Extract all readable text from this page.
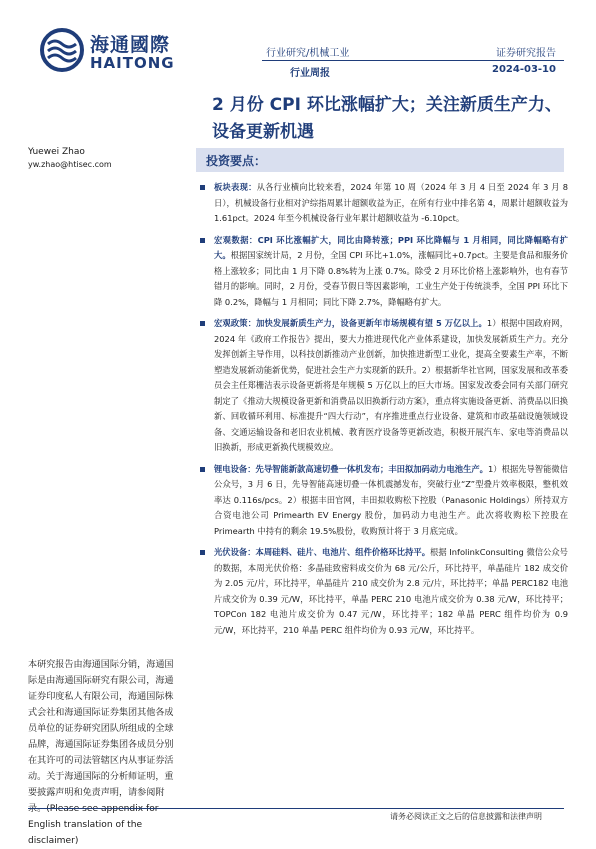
海通國際
HAITONG
行业研究/机械工业	证券研究报告
行业周报	2024-03-10
2 月份 CPI 环比涨幅扩大；关注新质生产力、设备更新机遇
Yuewei Zhao
yw.zhao@htisec.com	投资要点：
板块表现：从各行业横向比较来看，2024 年第 10 周（2024 年 3 月 4 日至 2024 年 3 月 8 日），机械设备行业相对沪综指周累计超额收益为正，在所有行业中排名第 4，周累计超额收益为 1.61pct。2024 年至今机械设备行业年累计超额收益为 -6.10pct。
宏观数据：CPI 环比涨幅扩大，同比由降转涨；PPI 环比降幅与 1 月相同，同比降幅略有扩大。根据国家统计局，2 月份，全国 CPI 环比+1.0%，涨幅同比+0.7pct。主要是食品和服务价格上涨较多；同比由 1 月下降 0.8%转为上涨 0.7%。除受 2 月环比价格上涨影响外，也有春节错月的影响。同时，2 月份，受春节假日等因素影响，工业生产处于传统淡季，全国 PPI 环比下降 0.2%，降幅与 1 月相同；同比下降 2.7%，降幅略有扩大。
宏观政策：加快发展新质生产力，设备更新年市场规模有望 5 万亿以上。1）根据中国政府网，2024 年《政府工作报告》提出，要大力推进现代化产业体系建设，加快发展新质生产力。充分发挥创新主导作用，以科技创新推动产业创新，加快推进新型工业化，提高全要素生产率，不断塑造发展新动能新优势，促进社会生产力实现新的跃升。2）根据新华社官网，国家发展和改革委员会主任郑栅洁表示设备更新将是年规模 5 万亿以上的巨大市场。国家发改委会同有关部门研究制定了《推动大规模设备更新和消费品以旧换新行动方案》，重点将实施设备更新、消费品以旧换新、回收循环利用、标准提升“四大行动”，有序推进重点行业设备、建筑和市政基础设施领域设备、交通运输设备和老旧农业机械、教育医疗设备等更新改造，积极开展汽车、家电等消费品以旧换新，形成更新换代规模效应。
锂电设备：先导智能新款高速切叠一体机发布；丰田拟加码动力电池生产。1）根据先导智能微信公众号，3 月 6 日，先导智能高速切叠一体机震撼发布，突破行业“Z”型叠片效率极限，整机效率达 0.116s/pcs。2）根据丰田官网，丰田拟收购松下控股（Panasonic Holdings）所持双方合资电池公司 Primearth EV Energy 股份，加码动力电池生产。此次将收购松下控股在 Primearth 中持有的剩余 19.5%股份，收购预计将于 3 月底完成。
光伏设备：本周硅料、硅片、电池片、组件价格环比持平。根据 InfolinkConsulting 微信公众号的数据，本周光伏价格：多晶硅致密料成交价为 68 元/公斤，环比持平，单晶硅片 182 成交价为 2.05 元/片，环比持平，单晶硅片 210 成交价为 2.8 元/片，环比持平；单晶 PERC182 电池片成交价为 0.39 元/W，环比持平，单晶 PERC 210 电池片成交价为 0.38 元/W，环比持平；TOPCon 182 电池片成交价为 0.47 元/W，环比持平；182 单晶 PERC 组件均价为 0.9 元/W，环比持平，210 单晶 PERC 组件均价为 0.93 元/W，环比持平。
本研究报告由海通国际分销，海通国际是由海通国际研究有限公司，海通证券印度私人有限公司，海通国际株式会社和海通国际证券集团其他各成员单位的证券研究团队所组成的全球品牌，海通国际证券集团各成员分别在其许可的司法管辖区内从事证券活动。关于海通国际的分析师证明，重要披露声明和免责声明，请参阅附录。(Please see appendix for English translation of the disclaimer)
请务必阅读正文之后的信息披露和法律声明
